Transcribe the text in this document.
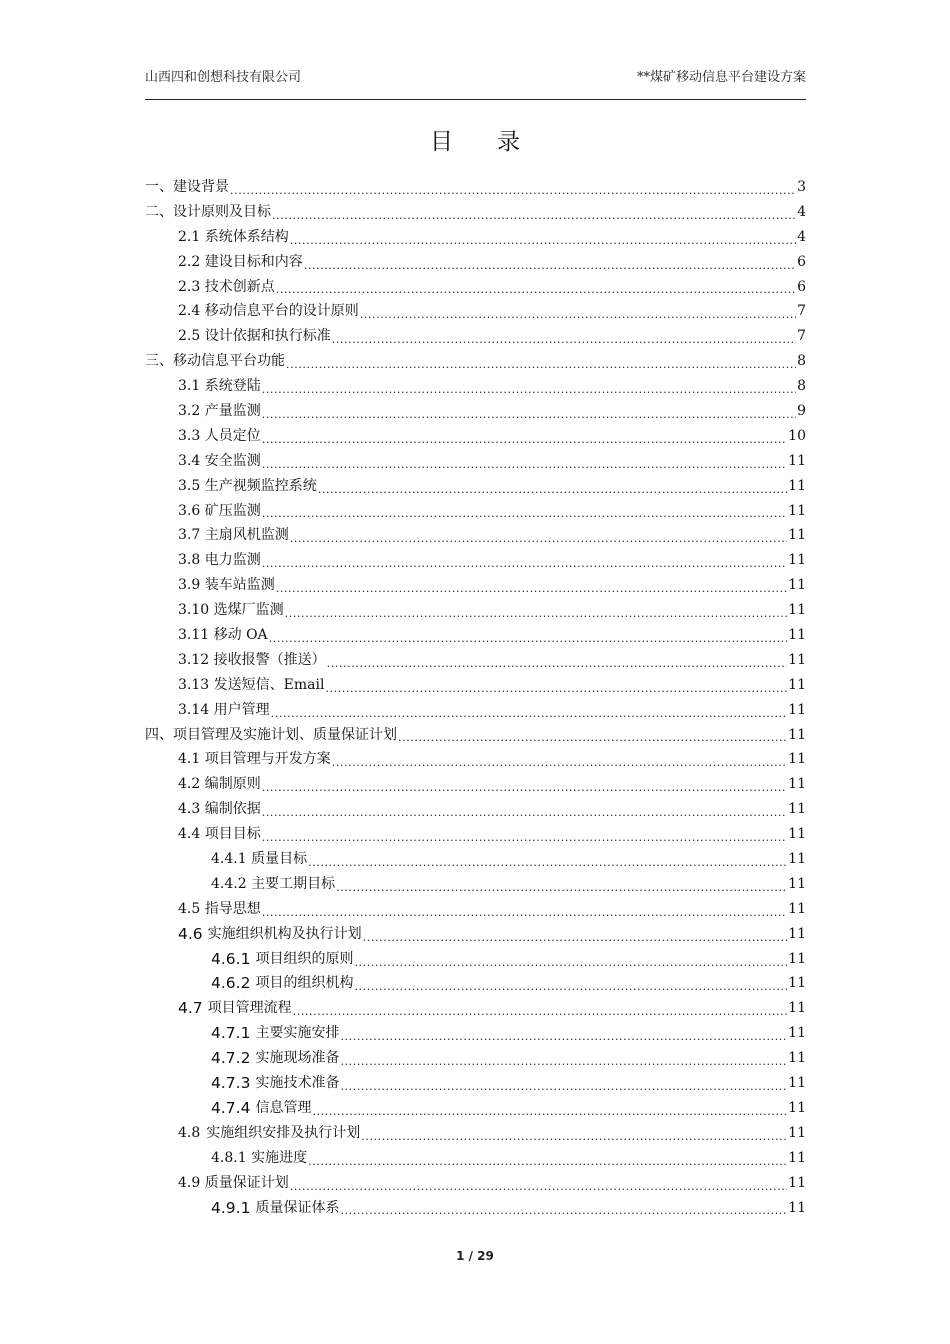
山西四和创想科技有限公司	**煤矿移动信息平台建设方案
目录
一、建设背景 .....	3
二、设计原则及目标 .....	4
2.1 系统体系结构 .....	4
2.2 建设目标和内容 .....	6
2.3 技术创新点 .....	6
2.4 移动信息平台的设计原则 .....	7
2.5 设计依据和执行标准 .....	7
三、移动信息平台功能 .....	8
3.1 系统登陆 .....	8
3.2 产量监测 .....	9
3.3 人员定位 .....	10
3.4 安全监测 .....	11
3.5 生产视频监控系统 .....	11
3.6 矿压监测 .....	11
3.7 主扇风机监测 .....	11
3.8 电力监测 .....	11
3.9 装车站监测 .....	11
3.10 选煤厂监测 .....	11
3.11 移动 OA .....	11
3.12 接收报警（推送） .....	11
3.13 发送短信、Email .....	11
3.14 用户管理 .....	11
四、项目管理及实施计划、质量保证计划 .....	11
4.1 项目管理与开发方案 .....	11
4.2 编制原则 .....	11
4.3 编制依据 .....	11
4.4 项目目标 .....	11
4.4.1 质量目标 .....	11
4.4.2 主要工期目标 .....	11
4.5 指导思想 .....	11
4.6 实施组织机构及执行计划 .....	11
4.6.1 项目组织的原则 .....	11
4.6.2 项目的组织机构 .....	11
4.7 项目管理流程 .....	11
4.7.1 主要实施安排 .....	11
4.7.2 实施现场准备 .....	11
4.7.3 实施技术准备 .....	11
4.7.4 信息管理 .....	11
4.8 实施组织安排及执行计划 .....	11
4.8.1 实施进度 .....	11
4.9 质量保证计划 .....	11
4.9.1 质量保证体系 .....	11
1 / 29
